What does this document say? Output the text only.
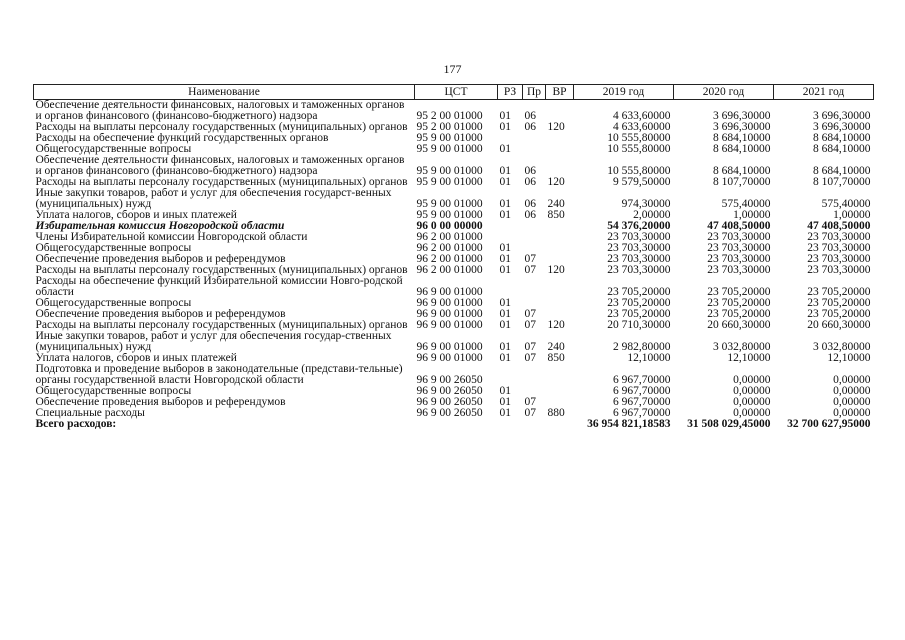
177
Наименование	ЦСТ	РЗ	Пр	ВР	2019 год	2020 год	2021 год
Обеспечение деятельности финансовых, налоговых и таможенных органов и органов финансового (финансово-бюджетного) надзора	95 2 00 01000	01	06		4 633,60000	3 696,30000	3 696,30000
Расходы на выплаты персоналу государственных (муниципальных) органов	95 2 00 01000	01	06	120	4 633,60000	3 696,30000	3 696,30000
Расходы на обеспечение функций государственных органов	95 9 00 01000				10 555,80000	8 684,10000	8 684,10000
Общегосударственные вопросы	95 9 00 01000	01			10 555,80000	8 684,10000	8 684,10000
Обеспечение деятельности финансовых, налоговых и таможенных органов и органов финансового (финансово-бюджетного) надзора	95 9 00 01000	01	06		10 555,80000	8 684,10000	8 684,10000
Расходы на выплаты персоналу государственных (муниципальных) органов	95 9 00 01000	01	06	120	9 579,50000	8 107,70000	8 107,70000
Иные закупки товаров, работ и услуг для обеспечения государст-венных (муниципальных) нужд	95 9 00 01000	01	06	240	974,30000	575,40000	575,40000
Уплата налогов, сборов и иных платежей	95 9 00 01000	01	06	850	2,00000	1,00000	1,00000
Избирательная комиссия Новгородской области	96 0 00 00000				54 376,20000	47 408,50000	47 408,50000
Члены Избирательной комиссии Новгородской области	96 2 00 01000				23 703,30000	23 703,30000	23 703,30000
Общегосударственные вопросы	96 2 00 01000	01			23 703,30000	23 703,30000	23 703,30000
Обеспечение проведения выборов и референдумов	96 2 00 01000	01	07		23 703,30000	23 703,30000	23 703,30000
Расходы на выплаты персоналу государственных (муниципальных) органов	96 2 00 01000	01	07	120	23 703,30000	23 703,30000	23 703,30000
Расходы на обеспечение функций Избирательной комиссии Новго-родской области	96 9 00 01000				23 705,20000	23 705,20000	23 705,20000
Общегосударственные вопросы	96 9 00 01000	01			23 705,20000	23 705,20000	23 705,20000
Обеспечение проведения выборов и референдумов	96 9 00 01000	01	07		23 705,20000	23 705,20000	23 705,20000
Расходы на выплаты персоналу государственных (муниципальных) органов	96 9 00 01000	01	07	120	20 710,30000	20 660,30000	20 660,30000
Иные закупки товаров, работ и услуг для обеспечения государ-ственных (муниципальных) нужд	96 9 00 01000	01	07	240	2 982,80000	3 032,80000	3 032,80000
Уплата налогов, сборов и иных платежей	96 9 00 01000	01	07	850	12,10000	12,10000	12,10000
Подготовка и проведение выборов в законодательные (представи-тельные) органы государственной власти Новгородской области	96 9 00 26050				6 967,70000	0,00000	0,00000
Общегосударственные вопросы	96 9 00 26050	01			6 967,70000	0,00000	0,00000
Обеспечение проведения выборов и референдумов	96 9 00 26050	01	07		6 967,70000	0,00000	0,00000
Специальные расходы	96 9 00 26050	01	07	880	6 967,70000	0,00000	0,00000
Всего расходов:					36 954 821,18583	31 508 029,45000	32 700 627,95000
